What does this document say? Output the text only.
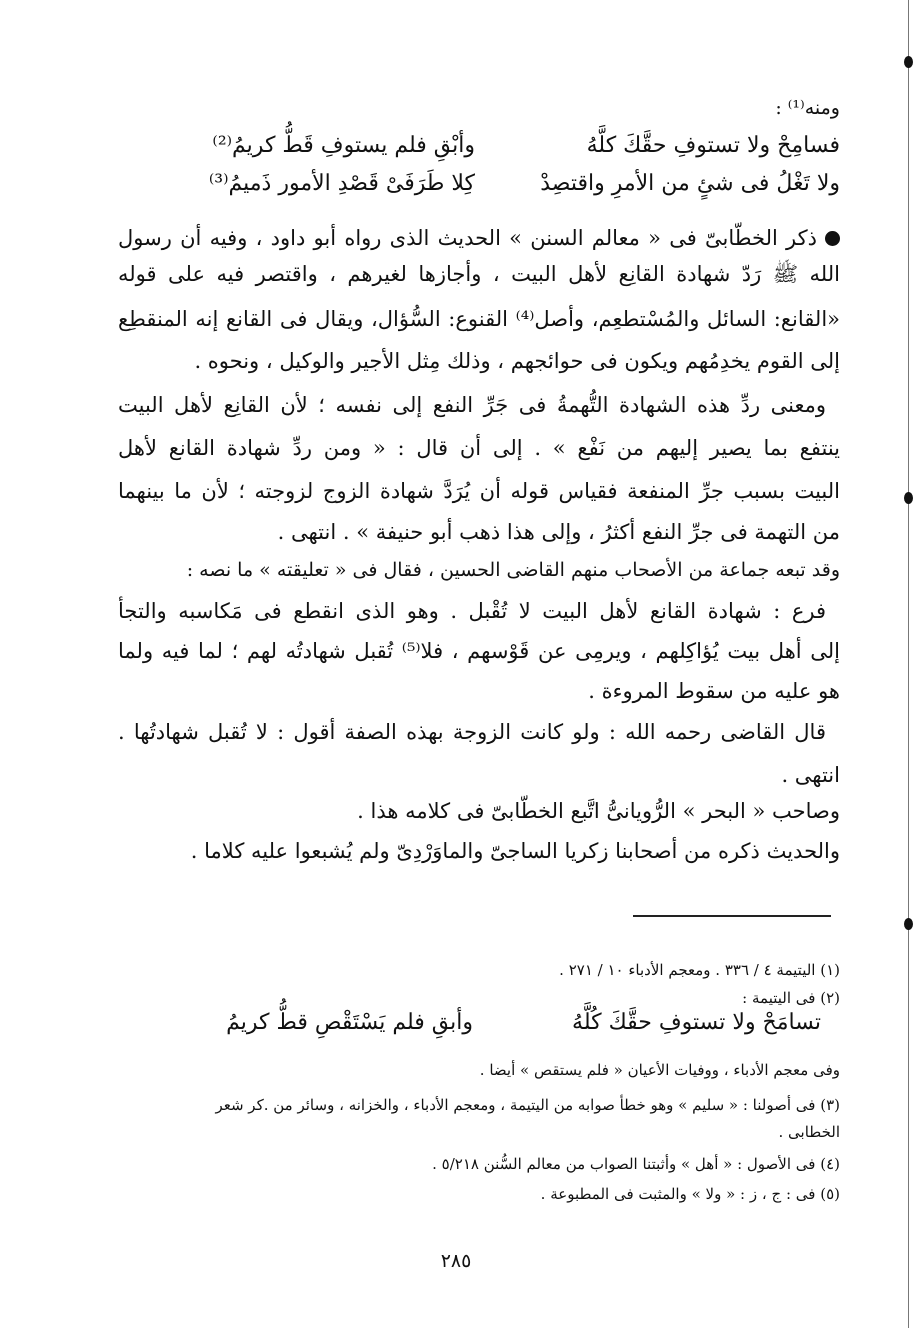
ومنه⁽¹⁾ :
فسامِحْ ولا تستوفِ حقَّكَ كلَّهُ
وأبْقِ فلم يستوفِ قَطُّ كريمُ⁽²⁾
ولا تَغْلُ فى شئٍ من الأمرِ واقتصِدْ
كِلا طَرَفَىْ قَصْدِ الأمور ذَميمُ⁽³⁾
ذكر الخطّابىّ فى « معالم السنن » الحديث الذى رواه أبو داود ، وفيه أن رسول
الله ﷺ رَدّ شهادة القانِع لأهل البيت ، وأجازها لغيرهم ، واقتصر فيه على قوله
«القانع: السائل والمُسْتطعِم، وأصل⁽⁴⁾ القنوع: السُّؤال، ويقال فى القانع إنه المنقطِع
إلى القوم يخدِمُهم ويكون فى حوائجهم ، وذلك مِثل الأجير والوكيل ، ونحوه .
ومعنى ردِّ هذه الشهادة التُّهمةُ فى جَرِّ النفع إلى نفسه ؛ لأن القانِع لأهل البيت
ينتفع بما يصير إليهم من نَفْع » . إلى أن قال : « ومن ردِّ شهادة القانع لأهل
البيت بسبب جرِّ المنفعة فقياس قوله أن يُرَدَّ شهادة الزوج لزوجته ؛ لأن ما بينهما
من التهمة فى جرِّ النفع أكثرُ ، وإلى هذا ذهب أبو حنيفة » . انتهى .
وقد تبعه جماعة من الأصحاب منهم القاضى الحسين ، فقال فى « تعليقته » ما نصه :
فرع : شهادة القانع لأهل البيت لا تُقْبل . وهو الذى انقطع فى مَكاسبه والتجأ
إلى أهل بيت يُؤاكِلهم ، ويرمِى عن قَوْسهم ، فلا⁽⁵⁾ تُقبل شهادتُه لهم ؛ لما فيه ولما
هو عليه من سقوط المروءة .
قال القاضى رحمه الله : ولو كانت الزوجة بهذه الصفة أقول : لا تُقبل شهادتُها .
انتهى .
وصاحب « البحر » الرُّويانىُّ اتَّبع الخطَّابىّ فى كلامه هذا .
والحديث ذكره من أصحابنا زكريا الساجىّ والماوَرْدِىّ ولم يُشبعوا عليه كلاما .
(١) اليتيمة ٤ / ٣٣٦ . ومعجم الأدباء ١٠ / ٢٧١ .
(٢) فى اليتيمة :
تسامَحْ ولا تستوفِ حقَّكَ كُلَّهُ
وأبقِ فلم يَسْتَقْصِ قطُّ كريمُ
وفى معجم الأدباء ، ووفيات الأعيان « فلم يستقص » أيضا .
(٣) فى أصولنا : « سليم » وهو خطأ صوابه من اليتيمة ، ومعجم الأدباء ، والخزانه ، وسائر من .كر شعر
الخطابى .
(٤) فى الأصول : « أهل » وأثبتنا الصواب من معالم السُّنن ٥/٢١٨ .
(٥) فى : ج ، ز : « ولا » والمثبت فى المطبوعة .
٢٨٥
